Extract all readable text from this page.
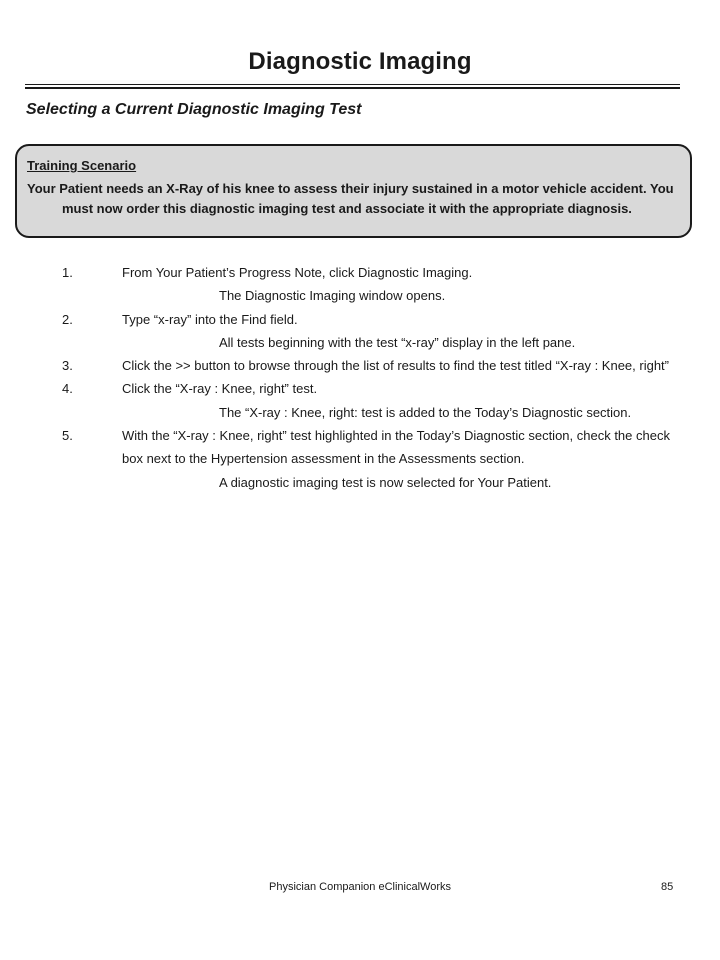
Diagnostic Imaging
Selecting a Current Diagnostic Imaging Test
Training Scenario
Your Patient needs an X-Ray of his knee to assess their injury sustained in a motor vehicle accident. You must now order this diagnostic imaging test and associate it with the appropriate diagnosis.
1.	From Your Patient’s Progress Note, click Diagnostic Imaging.
The Diagnostic Imaging window opens.
2.	Type “x-ray” into the Find field.
All tests beginning with the test “x-ray” display in the left pane.
3.	Click the >> button to browse through the list of results to find the test titled “X-ray : Knee, right”
4.	Click the “X-ray : Knee, right” test.
The “X-ray : Knee, right: test is added to the Today’s Diagnostic section.
5.	With the “X-ray : Knee, right” test highlighted in the Today’s Diagnostic section, check the check box next to the Hypertension assessment in the Assessments section.
A diagnostic imaging test is now selected for Your Patient.
Physician Companion eClinicalWorks	85
